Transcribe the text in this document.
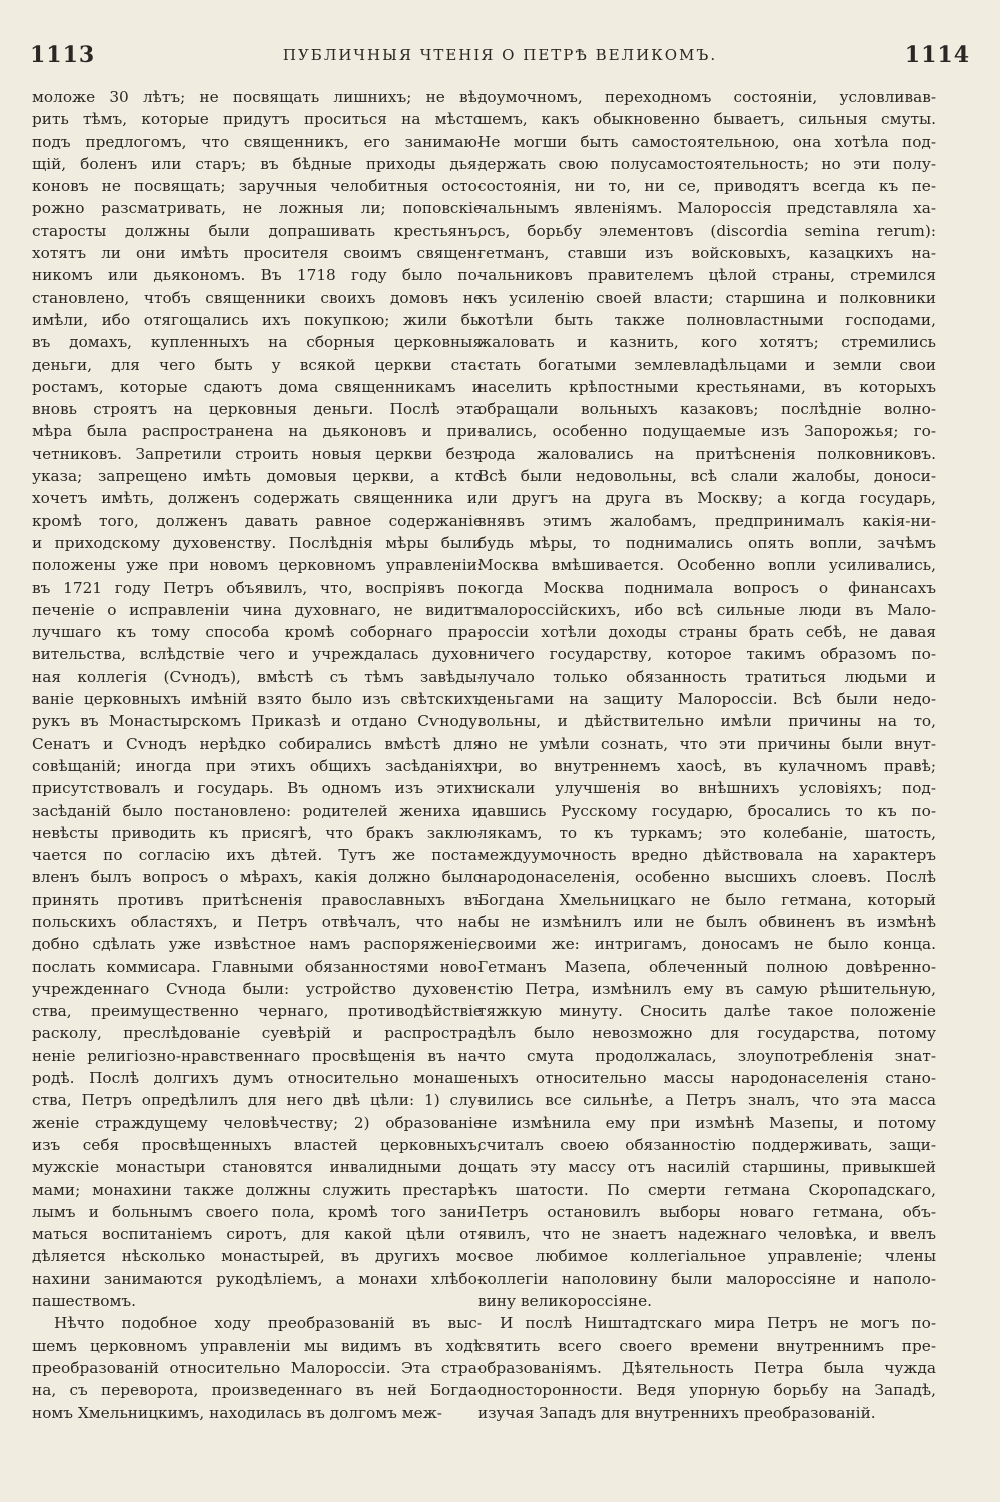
1113	ПУБЛИЧНЫЯ ЧТЕНІЯ О ПЕТРѢ ВЕЛИКОМЪ.	1114
моложе 30 лѣтъ; не посвящать лишнихъ; не вѣ-
рить тѣмъ, которые придутъ проситься на мѣсто
подъ предлогомъ, что священникъ, его занимаю-
щій, боленъ или старъ; въ бѣдные приходы дья-
коновъ не посвящать; заручныя челобитныя осто-
рожно разсматривать, не ложныя ли; поповскіе
старосты должны были допрашивать крестьянъ,
хотятъ ли они имѣть просителя своимъ священ-
никомъ или дьякономъ. Въ 1718 году было по-
становлено, чтобъ священники своихъ домовъ не
имѣли, ибо отягощались ихъ покупкою; жили бы
въ домахъ, купленныхъ на сборныя церковныя
деньги, для чего быть у всякой церкви ста-
ростамъ, которые сдаютъ дома священникамъ и
вновь строятъ на церковныя деньги. Послѣ эта
мѣра была распространена на дьяконовъ и при-
четниковъ. Запретили строить новыя церкви безъ
указа; запрещено имѣть домовыя церкви, а кто
хочетъ имѣть, долженъ содержать священника и,
кромѣ того, долженъ давать равное содержаніе
и приходскому духовенству. Послѣднія мѣры были
положены уже при новомъ церковномъ управленіи:
въ 1721 году Петръ объявилъ, что, воспріявъ по-
печеніе о исправленіи чина духовнаго, не видитъ
лучшаго къ тому способа кромѣ соборнаго пра-
вительства, вслѣдствіе чего и учреждалась духов-
ная коллегія (Сѵнодъ), вмѣстѣ съ тѣмъ завѣды-
ваніе церковныхъ имѣній взято было изъ свѣтскихъ
рукъ въ Монастырскомъ Приказѣ и отдано Сѵноду.
Сенатъ и Сѵнодъ нерѣдко собирались вмѣстѣ для
совѣщаній; иногда при этихъ общихъ засѣданіяхъ
присутствовалъ и государь. Въ одномъ изъ этихъ
засѣданій было постановлено: родителей жениха и
невѣсты приводить къ присягѣ, что бракъ заклю-
чается по согласію ихъ дѣтей. Тутъ же поста-
вленъ былъ вопросъ о мѣрахъ, какія должно было
принять противъ притѣсненія православныхъ въ
польскихъ областяхъ, и Петръ отвѣчалъ, что на-
добно сдѣлать уже извѣстное намъ распоряженіе,
послать коммисара. Главными обязанностями ново-
учрежденнаго Сѵнода были: устройство духовен-
ства, преимущественно чернаго, противодѣйствіе
расколу, преслѣдованіе суевѣрій и распростра-
неніе религіозно-нравственнаго просвѣщенія въ на-
родѣ. Послѣ долгихъ думъ относительно монаше-
ства, Петръ опредѣлилъ для него двѣ цѣли: 1) слу-
женіе страждущему человѣчеству; 2) образованіе
изъ себя просвѣщенныхъ властей церковныхъ;
мужскіе монастыри становятся инвалидными до-
мами; монахини также должны служить престарѣ-
лымъ и больнымъ своего пола, кромѣ того зани-
маться воспитаніемъ сиротъ, для какой цѣли от-
дѣляется нѣсколько монастырей, въ другихъ мо-
нахини занимаются рукодѣліемъ, а монахи хлѣбо-
пашествомъ.
Нѣчто подобное ходу преобразованій въ выс-
шемъ церковномъ управленіи мы видимъ въ ходѣ
преобразованій относительно Малороссіи. Эта стра-
на, съ переворота, произведеннаго въ ней Богда-
номъ Хмельницкимъ, находилась въ долгомъ меж-
доумочномъ, переходномъ состояніи, условливав-
шемъ, какъ обыкновенно бываетъ, сильныя смуты.
Не могши быть самостоятельною, она хотѣла под-
держать свою полусамостоятельность; но эти полу-
состоянія, ни то, ни се, приводятъ всегда къ пе-
чальнымъ явленіямъ. Малороссія представляла ха-
осъ, борьбу элементовъ (discordia semina rerum):
гетманъ, ставши изъ войсковыхъ, казацкихъ на-
чальниковъ правителемъ цѣлой страны, стремился
къ усиленію своей власти; старшина и полковники
хотѣли быть также полновластными господами,
жаловать и казнить, кого хотятъ; стремились
стать богатыми землевладѣльцами и земли свои
населить крѣпостными крестьянами, въ которыхъ
обращали вольныхъ казаковъ; послѣдніе волно-
вались, особенно подущаемые изъ Запорожья; го-
рода жаловались на притѣсненія полковниковъ.
Всѣ были недовольны, всѣ слали жалобы, доноси-
ли другъ на друга въ Москву; а когда государь,
внявъ этимъ жалобамъ, предпринималъ какія-ни-
будь мѣры, то поднимались опять вопли, зачѣмъ
Москва вмѣшивается. Особенно вопли усиливались,
когда Москва поднимала вопросъ о финансахъ
малороссійскихъ, ибо всѣ сильные люди въ Мало-
россіи хотѣли доходы страны брать себѣ, не давая
ничего государству, которое такимъ образомъ по-
лучало только обязанность тратиться людьми и
деньгами на защиту Малороссіи. Всѣ были недо-
вольны, и дѣйствительно имѣли причины на то,
но не умѣли сознать, что эти причины были внут-
ри, во внутреннемъ хаосѣ, въ кулачномъ правѣ;
искали улучшенія во внѣшнихъ условіяхъ; под-
давшись Русскому государю, бросались то къ по-
лякамъ, то къ туркамъ; это колебаніе, шатость,
междуумочность вредно дѣйствовала на характеръ
народонаселенія, особенно высшихъ слоевъ. Послѣ
Богдана Хмельницкаго не было гетмана, который
бы не измѣнилъ или не былъ обвиненъ въ измѣнѣ
своими же: интригамъ, доносамъ не было конца.
Гетманъ Мазепа, облеченный полною довѣренно-
стію Петра, измѣнилъ ему въ самую рѣшительную,
тяжкую минуту. Сносить далѣе такое положеніе
дѣлъ было невозможно для государства, потому
что смута продолжалась, злоупотребленія знат-
ныхъ относительно массы народонаселенія стано-
вились все сильнѣе, а Петръ зналъ, что эта масса
не измѣнила ему при измѣнѣ Мазепы, и потому
считалъ своею обязанностію поддерживать, защи-
щать эту массу отъ насилій старшины, привыкшей
къ шатости. По смерти гетмана Скоропадскаго,
Петръ остановилъ выборы новаго гетмана, объ-
явилъ, что не знаетъ надежнаго человѣка, и ввелъ
свое любимое коллегіальное управленіе; члены
коллегіи наполовину были малороссіяне и наполо-
вину великороссіяне.
И послѣ Ништадтскаго мира Петръ не могъ по-
святить всего своего времени внутреннимъ пре-
образованіямъ. Дѣятельность Петра была чужда
односторонности. Ведя упорную борьбу на Западѣ,
изучая Западъ для внутреннихъ преобразованій.
